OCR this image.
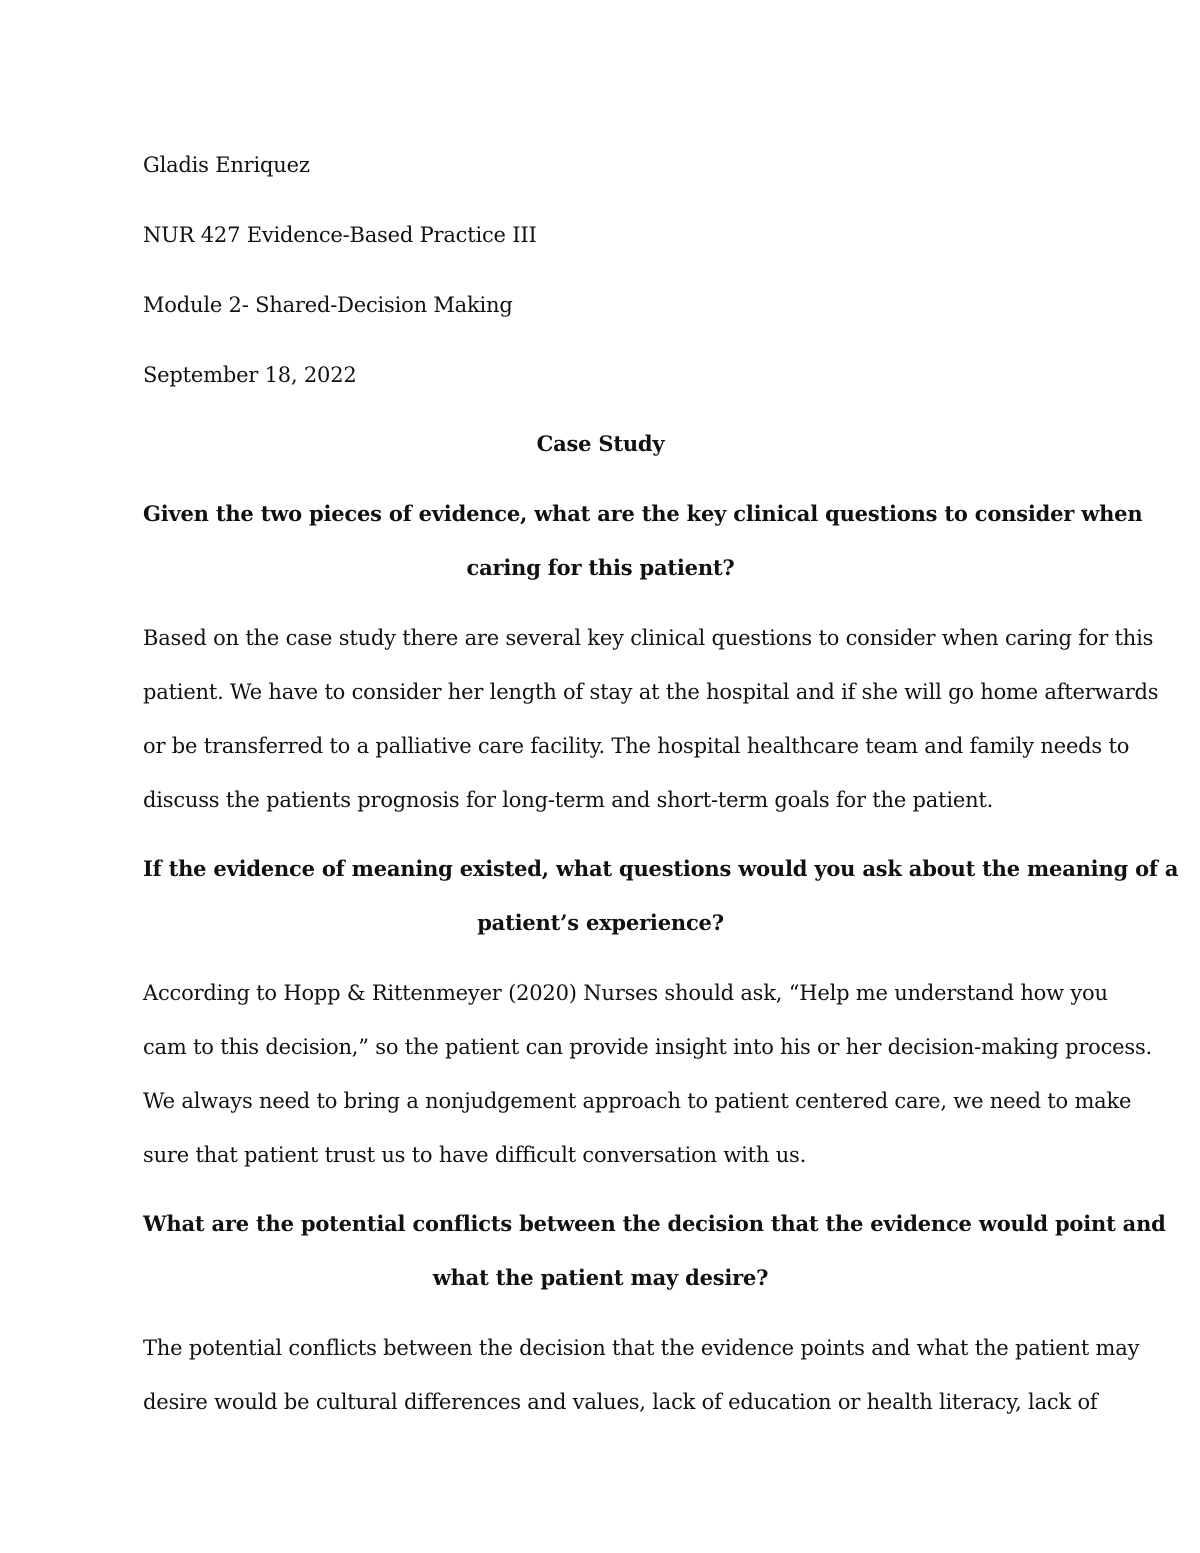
Gladis Enriquez
NUR 427 Evidence-Based Practice III
Module 2- Shared-Decision Making
September 18, 2022
Case Study
Given the two pieces of evidence, what are the key clinical questions to consider when
caring for this patient?
Based on the case study there are several key clinical questions to consider when caring for this
patient. We have to consider her length of stay at the hospital and if she will go home afterwards
or be transferred to a palliative care facility. The hospital healthcare team and family needs to
discuss the patients prognosis for long-term and short-term goals for the patient.
If the evidence of meaning existed, what questions would you ask about the meaning of a
patient’s experience?
According to Hopp & Rittenmeyer (2020) Nurses should ask, “Help me understand how you
cam to this decision,” so the patient can provide insight into his or her decision-making process.
We always need to bring a nonjudgement approach to patient centered care, we need to make
sure that patient trust us to have difficult conversation with us.
What are the potential conflicts between the decision that the evidence would point and
what the patient may desire?
The potential conflicts between the decision that the evidence points and what the patient may
desire would be cultural differences and values, lack of education or health literacy, lack of
